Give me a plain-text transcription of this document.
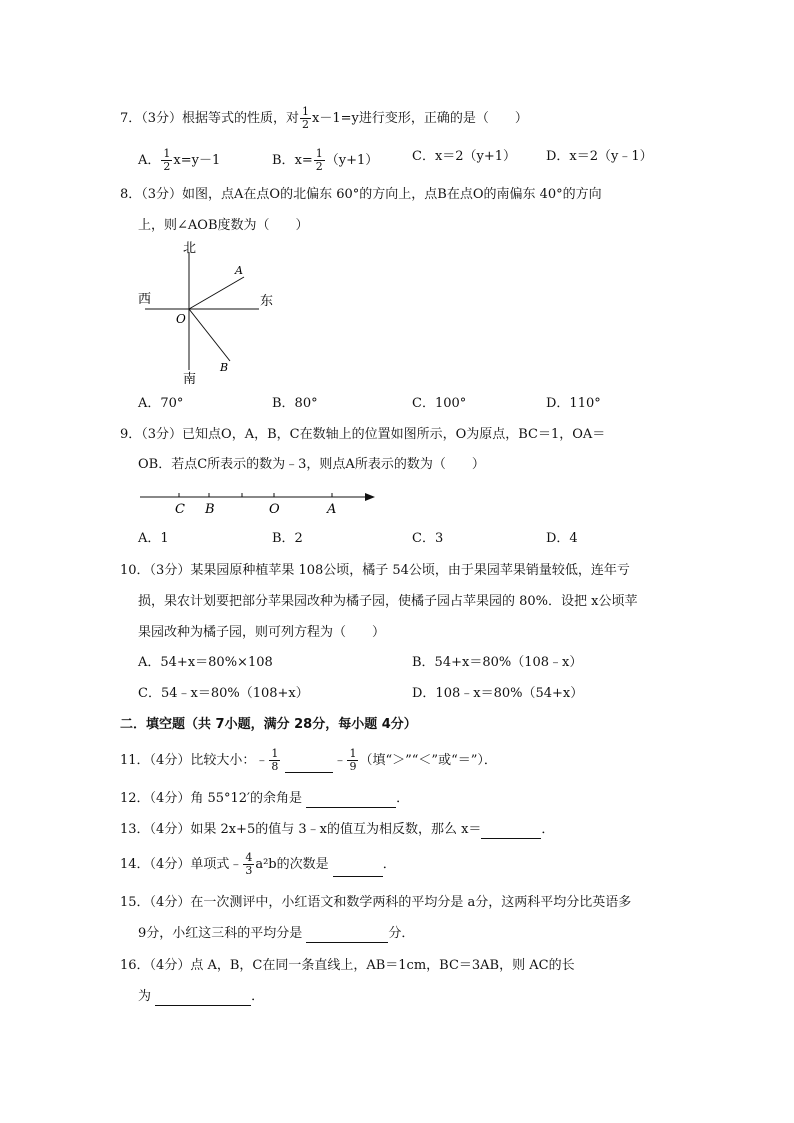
7．（3分）根据等式的性质，对 $\frac{1}{2} x-1=y$进行变形，正确的是（　　）
A． $\frac{1}{2} x=y-1$	B．$x= \frac{1}{2} (y+1)$	C．x＝2（y+1） D．x＝2（y﹣1）
8．（3分）如图，点A在点O的北偏东 60°的方向上，点B在点O的南偏东 40°的方向
上，则∠AOB度数为（　　）
北
南
西	东
O
A
B
A．70°	B．80°	C．100°	D．110°
9．（3分）已知点O，A，B，C在数轴上的位置如图所示，O为原点，BC＝1，OA＝
OB．若点C所表示的数为﹣3，则点A所表示的数为（　　）
C B	O	A
A．1	B．2	C．3	D．4
10．（3分）某果园原种植苹果 108公顷，橘子 54公顷，由于果园苹果销量较低，连年亏
损，果农计划要把部分苹果园改种为橘子园，使橘子园占苹果园的 80%．设把 x公顷苹
果园改种为橘子园，则可列方程为（　　）
A．54+x＝80%×108	B．54+x＝80%（108﹣x）
C．54﹣x＝80%（108+x）	D．108﹣x＝80%（54+x）
二．填空题（共 7小题，满分 28分，每小题 4分）
11．（4分）比较大小：﹣ $\frac{1}{8}$	﹣ $\frac{1}{9}$ （填“＞”“＜”或“＝”）．
12．（4分）角 55°12′的余角是	．
13．（4分）如果 2x+5的值与 3﹣x的值互为相反数，那么 x＝	．
14．（4分）单项式﹣ $\frac{4}{3} a^2b$的次数是	．
15．（4分）在一次测评中，小红语文和数学两科的平均分是 a分，这两科平均分比英语多
9分，小红这三科的平均分是	分．
16．（4分）点 A，B，C在同一条直线上，AB＝1cm，BC＝3AB，则 AC的长
为	．
